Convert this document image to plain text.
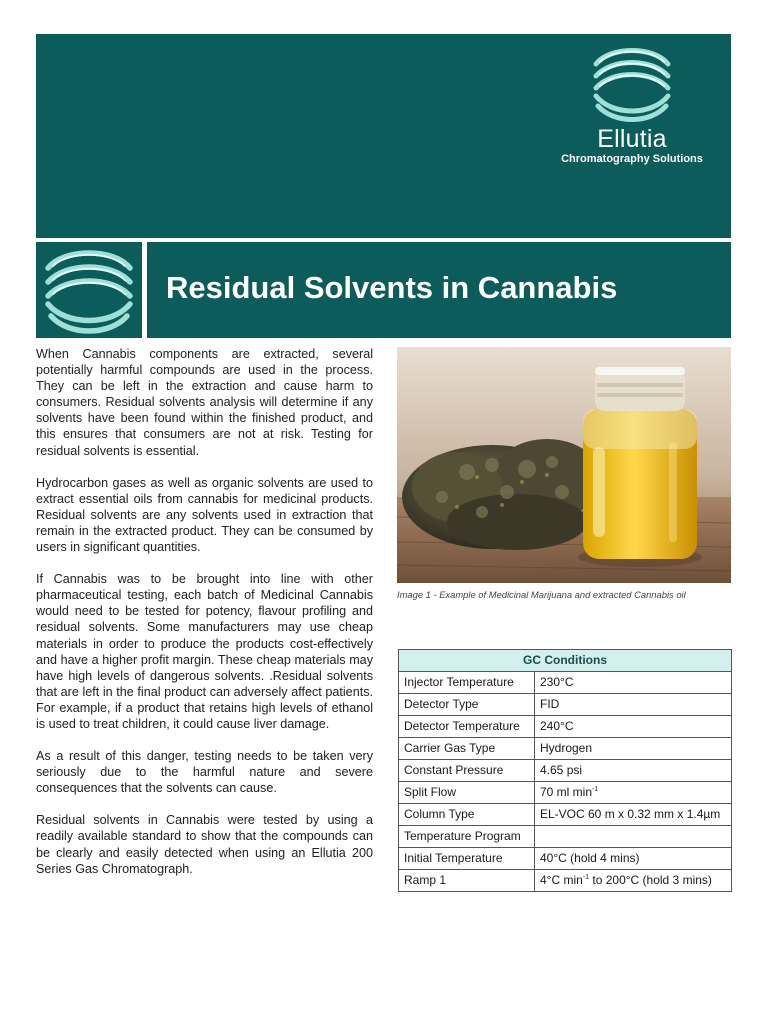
Ellutia
Chromatography Solutions
Residual Solvents in Cannabis

When Cannabis components are extracted, several potentially harmful compounds are used in the process. They can be left in the extraction and cause harm to consumers. Residual solvents analysis will determine if any solvents have been found within the finished product, and this ensures that consumers are not at risk. Testing for residual solvents is essential.

Hydrocarbon gases as well as organic solvents are used to extract essential oils from cannabis for medicinal products. Residual solvents are any solvents used in extraction that remain in the extracted product. They can be consumed by users in significant quantities.

If Cannabis was to be brought into line with other pharmaceutical testing, each batch of Medicinal Cannabis would need to be tested for potency, flavour profiling and residual solvents. Some manufacturers may use cheap materials in order to produce the products cost-effectively and have a higher profit margin. These cheap materials may have high levels of dangerous solvents. .Residual solvents that are left in the final product can adversely affect patients. For example, if a product that retains high levels of ethanol is used to treat children, it could cause liver damage.

As a result of this danger, testing needs to be taken very seriously due to the harmful nature and severe consequences that the solvents can cause.

Residual solvents in Cannabis were tested by using a readily available standard to show that the compounds can be clearly and easily detected when using an Ellutia 200 Series Gas Chromatograph.

Image 1 - Example of Medicinal Marijuana and extracted Cannabis oil
GC Conditions	
Injector Temperature	230°C
Detector Type	FID
Detector Temperature	240°C
Carrier Gas Type	Hydrogen
Constant Pressure	4.65 psi
Split Flow	70 ml $\min^{-1}$
Column Type	EL-VOC 60 m x 0.32 mm x 1.4µm
Temperature Program	
Initial Temperature	40°C (hold 4 mins)
Ramp 1	4°C $\min^{-1}$ to 200°C (hold 3 mins)
